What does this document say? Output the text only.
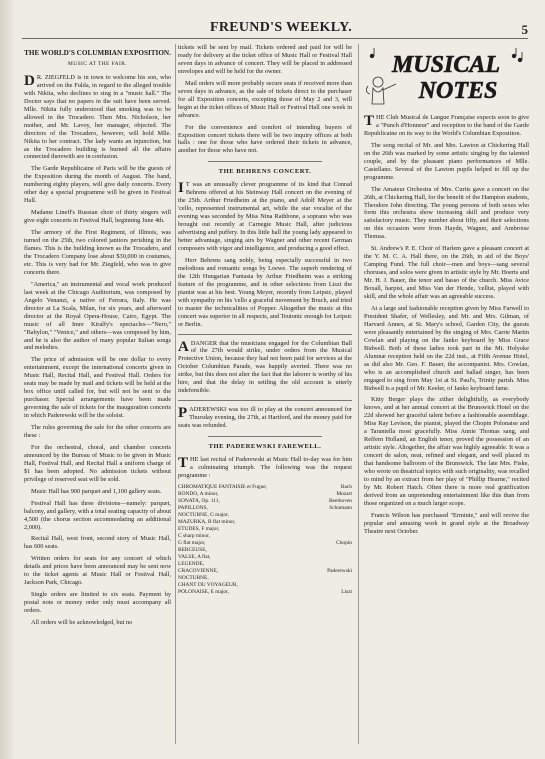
FREUND'S WEEKLY.	5
THE WORLD'S COLUMBIAN EXPOSITION.
MUSIC AT THE FAIR.

D R. ZIEGFELD is in town to welcome his son, who arrived on the Fulda, in regard to the alleged trouble with Nikita, who declines to sing in a "music hall." The Doctor says that no papers in the suit have been served. Mlle. Nikita fully understood that smoking was to be allowed in the Trocadero. Then Mrs. Nicholson, her mother, and Mr. Lavoy, her manager, objected. The directors of the Trocadero, however, will hold Mlle. Nikita to her contract. The lady wants an injunction, but as the Trocadero building is burned all the affairs connected therewith are in confusion.

The Garde Republicaine of Paris will be the guests of the Exposition during the month of August. The band, numbering eighty players, will give daily concerts. Every other day a special programme will be given in Festival Hall.

Madame Lineff's Russian choir of thirty singers will give eight concerts in Festival Hall, beginning June 4th.

The armory of the First Regiment, of Illinois, was turned on the 25th, two colored janitors perishing in the flames. This is the building known as the Trocadero, and the Trocadero Company lose about $30,000 in costumes, etc. This is very bad for Mr. Ziegfeld, who was to give concerts there.

"America," an instrumental and vocal work produced last week at the Chicago Auditorium, was composed by Angelo Venanzi, a native of Ferrara, Italy. He was director at La Scala, Milan, for six years, and afterward director at the Royal Opera-House, Cairo, Egypt. The music of all Imre Kiralfy's spectacles—"Nero," "Babylon," "Venice," and others—was composed by him, and he is also the author of many popular Italian songs and melodies.

The price of admission will be one dollar to every entertainment, except the international concerts given in Music Hall, Recital Hall, and Festival Hall. Orders for seats may be made by mail and tickets will be held at the box office until called for, but will not be sent to the purchaser. Special arrangements have been made governing the sale of tickets for the inauguration concerts in which Paderewski will be the soloist.

The rules governing the sale for the other concerts are these :

For the orchestral, choral, and chamber concerts announced by the Bureau of Music to be given in Music Hall, Festival Hall, and Recital Hall a uniform charge of $1 has been adopted. No admission tickets without privilege of reserved seat will be sold.

Music Hall has 900 parquet and 1,100 gallery seats.

Festival Hall has three divisions—namely: parquet, balcony, and gallery, with a total seating capacity of about 4,500 (the chorus section accommodating an additional 2,000).

Recital Hall, west front, second story of Music Hall, has 600 seats.

Written orders for seats for any concert of which details and prices have been announced may be sent now to the ticket agents at Music Hall or Festival Hall, Jackson Park, Chicago.

Single orders are limited to six seats. Payment by postal note or money order only must accompany all orders.

All orders will be acknowledged, but no

tickets will be sent by mail. Tickets ordered and paid for will be ready for delivery at the ticket office of Music Hall or Festival Hall seven days in advance of concert. They will be placed in addressed envelopes and will be held for the owner.

Mail orders will more probably secure seats if received more than seven days in advance, as the sale of tickets direct to the purchaser for all Exposition concerts, excepting those of May 2 and 3, will begin at the ticket offices of Music Hall or Festival Hall one week in advance.

For the convenience and comfort of intending buyers of Exposition concert tickets there will be two inquiry offices at both halls : one for those who have ordered their tickets in advance, another for those who have not.

THE BEHRENS CONCERT.

I T was an unusually clever programme of its kind that Conrad Behrens offered at his Steinway Hall concert on the evening of the 25th. Arthur Friedheim at the piano, and Adolf Meyer at the 'cello, represented instrumental art, while the star vocalist of the evening was seconded by Miss Nina Rathbone, a soprano who was brought out recently at Carnegie Music Hall, after judicious advertising and puffery. In this little hall the young lady appeared to better advantage, singing airs by Wagner and other recent German composers with vigor and intelligence, and producing a good effect.

Herr Behrens sang nobly, being especially successful in two melodious and romantic songs by Loewe. The superb rendering of the 12th Hungarian Fantasia by Arthur Friedheim was a striking feature of the programme, and in other selections from Liszt the pianist was at his best. Young Meyer, recently from Leipsic, played with sympathy on his 'cello a graceful movement by Bruch, and tried to master the technicalities of Popper. Altogether the music at this concert was superior in all respects, and Teutonic enough for Leipsic or Berlin.

ADANGER that the musicians engaged for the Columbian Ball of the 27th would strike, under orders from the Musical Protective Union, because they had not been paid for services at the October Columbian Parade, was happily averted. There was no strike, but this does not alter the fact that the laborer is worthy of his hire, and that the delay in settling the old account is utterly indefensible.

PADEREWSKI was too ill to play at the concert announced for Thursday evening, the 27th, at Hartford, and the money paid for seats was refunded.

THE PADEREWSKI FAREWELL.

THE last recital of Paderewski at Music Hall to-day was for him a culminating triumph. The following was the request programme :

CHROMATIQUE FANTAISIE et Fugue,	Bach
RONDO, A minor,	Mozart
SONATA, Op. 111,	Beethoven
PAPILLONS,	Schumann
NOCTURNE, G major,
MAZURKA, B flat minor,
ETUDES, F major,
C sharp minor,
G flat major,	Chopin
BERCEUSE,
VALSE, A flat,
LEGENDE,
CRACOVIENNE,	Paderewski
NOCTURNE,
CHANT DU VOYAGEUR,
POLONAISE, E major,	Liszt
MUSICAL
NOTES

THE Club Musical de Langue Française expects soon to give a "Punch d'Honneur" and reception to the band of the Garde Republicaine on its way to the World's Columbian Exposition.

The song recital of Mr. and Mrs. Lawton at Chickering Hall on the 26th was marked by some artistic singing by the talented couple, and by the pleasant piano performances of Mlle. Castellano. Several of the Lawton pupils helped to fill up the programme.

The Amateur Orchestra of Mrs. Curtis gave a concert on the 26th, at Chickering Hall, for the benefit of the Hampton students, Theodore John directing. The young persons of both sexes who form this orchestra show increasing skill and produce very satisfactory music. They number about fifty, and their selections on this occasion were from Haydn, Wagner, and Ambroise Thomas.

St. Andrew's P. E. Choir of Harlem gave a pleasant concert at the Y. M. C. A. Hall there, on the 26th, in aid of the Boys' Camping Fund. The full choir—men and boys—sang several choruses, and solos were given in artistic style by Mr. Hoerts and Mr. H. J. Bauer, the tenor and basso of the church. Miss Avice Boxall, harpist, and Miss Van der Hende, 'cellist, played with skill, and the whole affair was an agreeable success.

At a large and fashionable reception given by Miss Farwell to President Shafer, of Wellesley, and Mr. and Mrs. Gilman, of Harvard Annex, at St. Mary's school, Garden City, the guests were pleasantly entertained by the singing of Mrs. Carrie Martin Cowlan and playing on the Janko keyboard by Miss Grace Bidwell. Both of these ladies took part in the Mt. Holyoke Alumnæ reception held on the 22d inst., at Fifth Avenue Hotel, as did also Mr. Geo. F. Bauer, the accompanist. Mrs. Cowlan, who is an accomplished church and ballad singer, has been engaged to sing from May 1st at St. Paul's, Trinity parish. Miss Bidwell is a pupil of Mr. Keeler, of Janko keyboard fame.

Kitty Berger plays the zither delightfully, as everybody knows, and at her annual concert at the Brunswick Hotel on the 22d showed her graceful talent before a fashionable assemblage. Miss Ray Levison, the pianist, played the Chopin Polonaise and a Tarantella most gracefully. Miss Annie Thomas sang, and Reffern Holland, an English tenor, proved the possession of an artistic style. Altogether, the affair was highly agreeable. It was a concert de salon, neat, refined and elegant, and well placed in that handsome ballroom of the Brunswick. The late Mrs. Fiske, who wrote on theatrical topics with such originality, was recalled to mind by an extract from her play of "Phillip Hearne," recited by Mr. Robert Hatch. Often there is more real gratification derived from an unpretending entertainment like this than from those organized on a much larger scope.

Francis Wilson has purchased "Erminie," and will revive the popular and amusing work in grand style at the Broadway Theatre next October.
